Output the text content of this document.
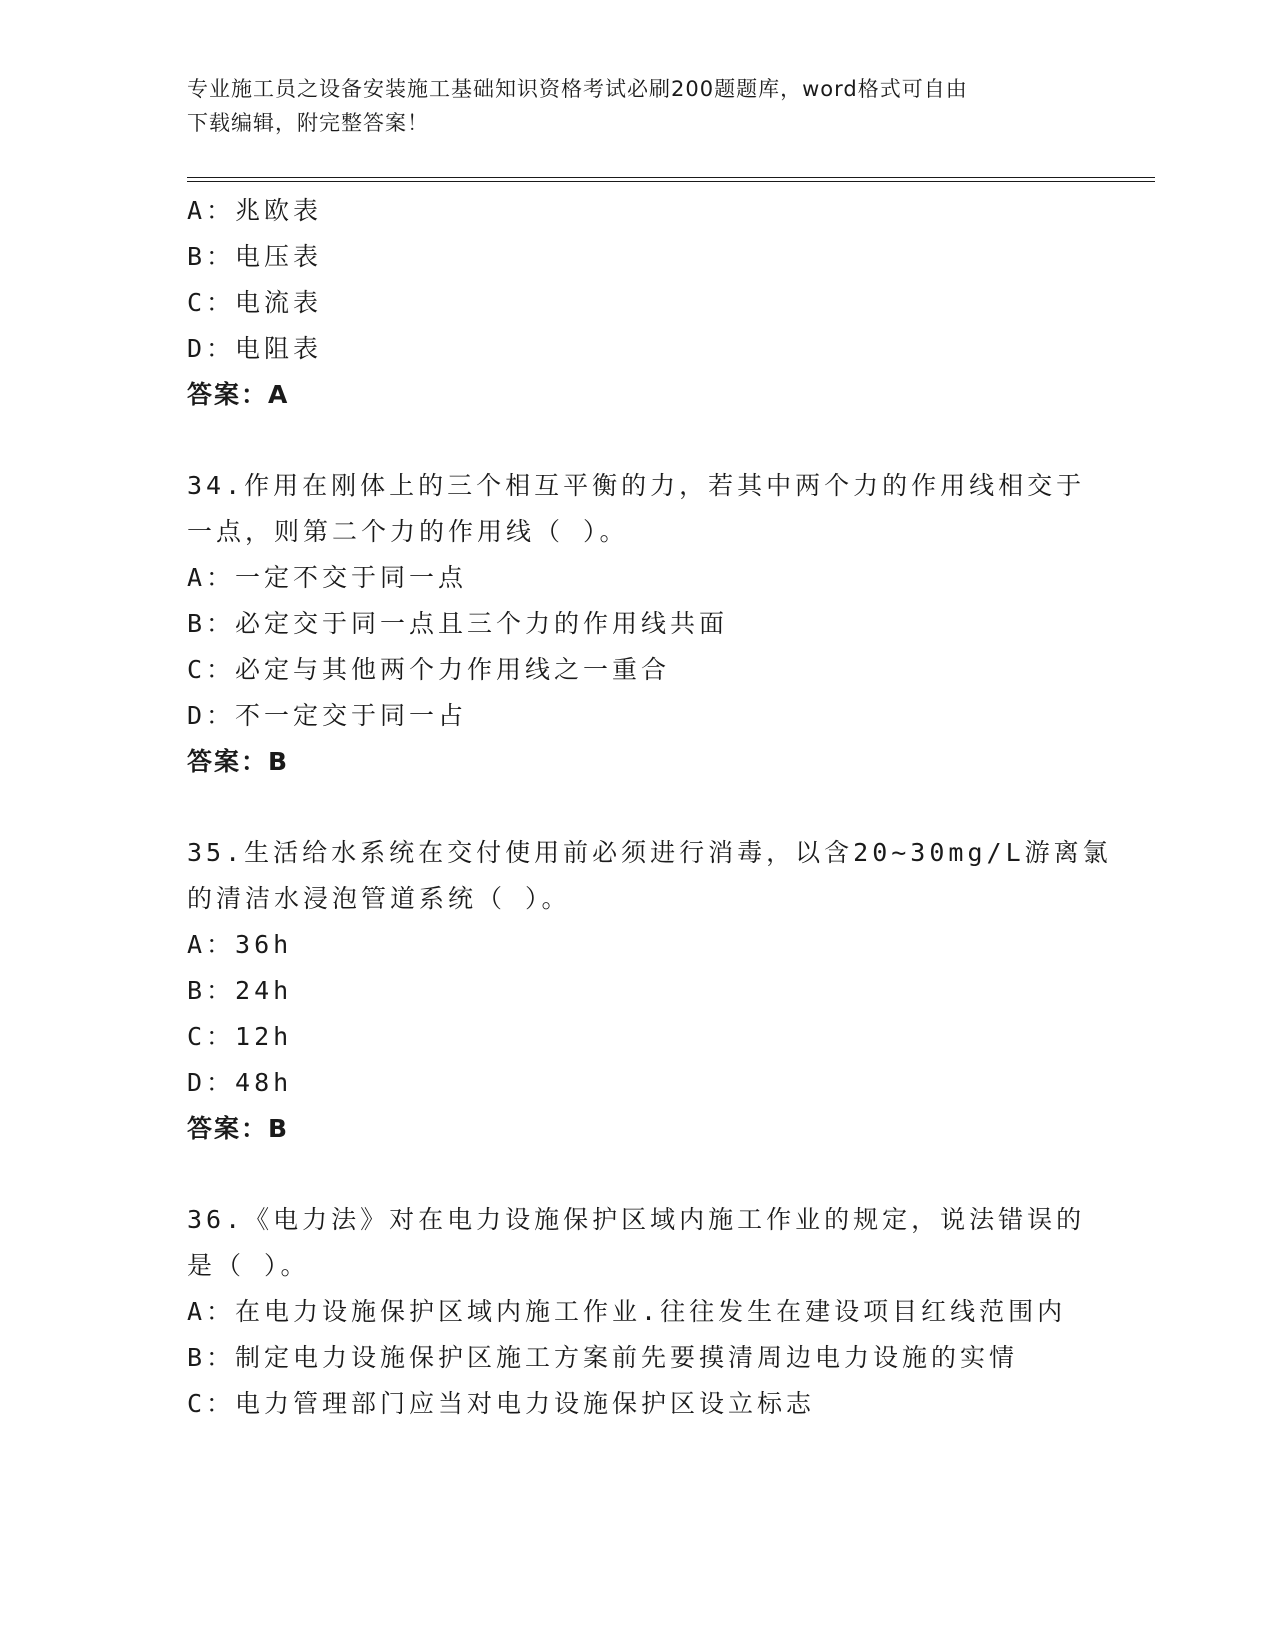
专业施工员之设备安装施工基础知识资格考试必刷200题题库，word格式可自由
下载编辑，附完整答案！
A：兆欧表
B：电压表
C：电流表
D：电阻表
答案：A
34.作用在刚体上的三个相互平衡的力，若其中两个力的作用线相交于
一点，则第二个力的作用线（ ）。
A：一定不交于同一点
B：必定交于同一点且三个力的作用线共面
C：必定与其他两个力作用线之一重合
D：不一定交于同一占
答案：B
35.生活给水系统在交付使用前必须进行消毒，以含20~30mg/L游离氯
的清洁水浸泡管道系统（ ）。
A：36h
B：24h
C：12h
D：48h
答案：B
36.《电力法》对在电力设施保护区域内施工作业的规定，说法错误的
是（ ）。
A：在电力设施保护区域内施工作业.往往发生在建设项目红线范围内
B：制定电力设施保护区施工方案前先要摸清周边电力设施的实情
C：电力管理部门应当对电力设施保护区设立标志
